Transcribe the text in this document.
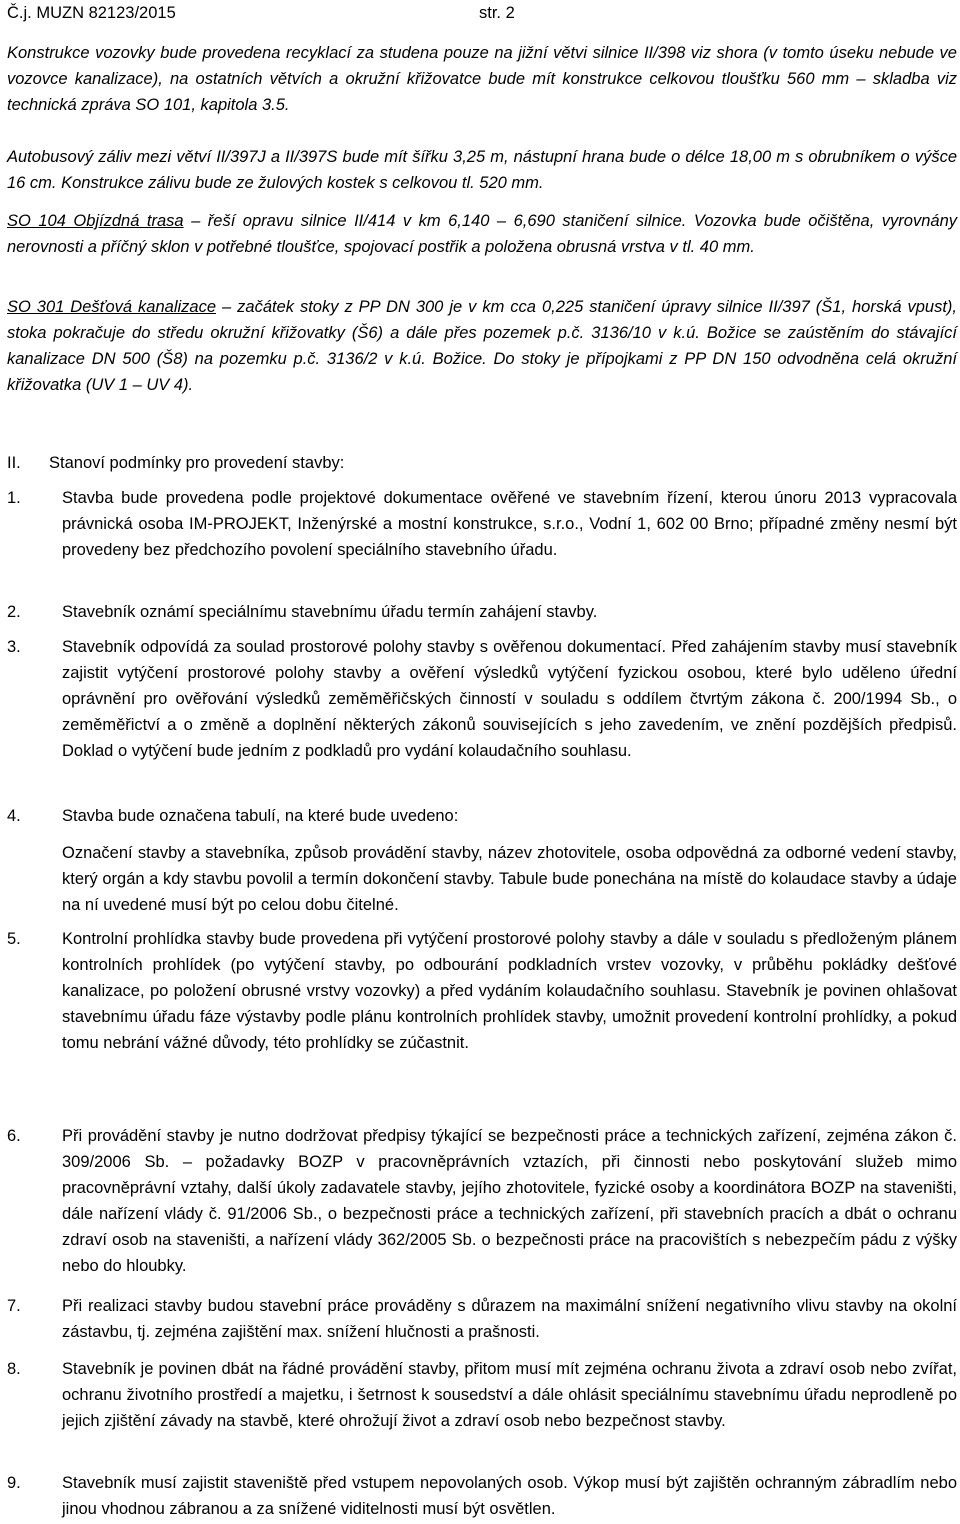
Č.j. MUZN 82123/2015	str. 2
Konstrukce vozovky bude provedena recyklací za studena pouze na jižní větvi silnice II/398 viz shora (v tomto úseku nebude ve vozovce kanalizace), na ostatních větvích a okružní křižovatce bude mít konstrukce celkovou tloušťku 560 mm – skladba viz technická zpráva SO 101, kapitola 3.5.
Autobusový záliv mezi větví II/397J a II/397S bude mít šířku 3,25 m, nástupní hrana bude o délce 18,00 m s obrubníkem o výšce 16 cm. Konstrukce zálivu bude ze žulových kostek s celkovou tl. 520 mm.
SO 104 Objízdná trasa – řeší opravu silnice II/414 v km 6,140 – 6,690 staničení silnice. Vozovka bude očištěna, vyrovnány nerovnosti a příčný sklon v potřebné tloušťce, spojovací postřik a položena obrusná vrstva v tl. 40 mm.
SO 301 Dešťová kanalizace – začátek stoky z PP DN 300 je v km cca 0,225 staničení úpravy silnice II/397 (Š1, horská vpust), stoka pokračuje do středu okružní křižovatky (Š6) a dále přes pozemek p.č. 3136/10 v k.ú. Božice se zaústěním do stávající kanalizace DN 500 (Š8) na pozemku p.č. 3136/2 v k.ú. Božice. Do stoky je přípojkami z PP DN 150 odvodněna celá okružní křižovatka (UV 1 – UV 4).
II. Stanoví podmínky pro provedení stavby:
1.	Stavba bude provedena podle projektové dokumentace ověřené ve stavebním řízení, kterou únoru 2013 vypracovala právnická osoba IM-PROJEKT, Inženýrské a mostní konstrukce, s.r.o., Vodní 1, 602 00 Brno; případné změny nesmí být provedeny bez předchozího povolení speciálního stavebního úřadu.
2.	Stavebník oznámí speciálnímu stavebnímu úřadu termín zahájení stavby.
3.	Stavebník odpovídá za soulad prostorové polohy stavby s ověřenou dokumentací. Před zahájením stavby musí stavebník zajistit vytýčení prostorové polohy stavby a ověření výsledků vytýčení fyzickou osobou, které bylo uděleno úřední oprávnění pro ověřování výsledků zeměměřičských činností v souladu s oddílem čtvrtým zákona č. 200/1994 Sb., o zeměměřictví a o změně a doplnění některých zákonů souvisejících s jeho zavedením, ve znění pozdějších předpisů. Doklad o vytýčení bude jedním z podkladů pro vydání kolaudačního souhlasu.
4.	Stavba bude označena tabulí, na které bude uvedeno:
Označení stavby a stavebníka, způsob provádění stavby, název zhotovitele, osoba odpovědná za odborné vedení stavby, který orgán a kdy stavbu povolil a termín dokončení stavby. Tabule bude ponechána na místě do kolaudace stavby a údaje na ní uvedené musí být po celou dobu čitelné.
5.	Kontrolní prohlídka stavby bude provedena při vytýčení prostorové polohy stavby a dále v souladu s předloženým plánem kontrolních prohlídek (po vytýčení stavby, po odbourání podkladních vrstev vozovky, v průběhu pokládky dešťové kanalizace, po položení obrusné vrstvy vozovky) a před vydáním kolaudačního souhlasu. Stavebník je povinen ohlašovat stavebnímu úřadu fáze výstavby podle plánu kontrolních prohlídek stavby, umožnit provedení kontrolní prohlídky, a pokud tomu nebrání vážné důvody, této prohlídky se zúčastnit.
6.	Při provádění stavby je nutno dodržovat předpisy týkající se bezpečnosti práce a technických zařízení, zejména zákon č. 309/2006 Sb. – požadavky BOZP v pracovněprávních vztazích, při činnosti nebo poskytování služeb mimo pracovněprávní vztahy, další úkoly zadavatele stavby, jejího zhotovitele, fyzické osoby a koordinátora BOZP na staveništi, dále nařízení vlády č. 91/2006 Sb., o bezpečnosti práce a technických zařízení, při stavebních pracích a dbát o ochranu zdraví osob na staveništi, a nařízení vlády 362/2005 Sb. o bezpečnosti práce na pracovištích s nebezpečím pádu z výšky nebo do hloubky.
7.	Při realizaci stavby budou stavební práce prováděny s důrazem na maximální snížení negativního vlivu stavby na okolní zástavbu, tj. zejména zajištění max. snížení hlučnosti a prašnosti.
8.	Stavebník je povinen dbát na řádné provádění stavby, přitom musí mít zejména ochranu života a zdraví osob nebo zvířat, ochranu životního prostředí a majetku, i šetrnost k sousedství a dále ohlásit speciálnímu stavebnímu úřadu neprodleně po jejich zjištění závady na stavbě, které ohrožují život a zdraví osob nebo bezpečnost stavby.
9.	Stavebník musí zajistit staveniště před vstupem nepovolaných osob. Výkop musí být zajištěn ochranným zábradlím nebo jinou vhodnou zábranou a za snížené viditelnosti musí být osvětlen.
